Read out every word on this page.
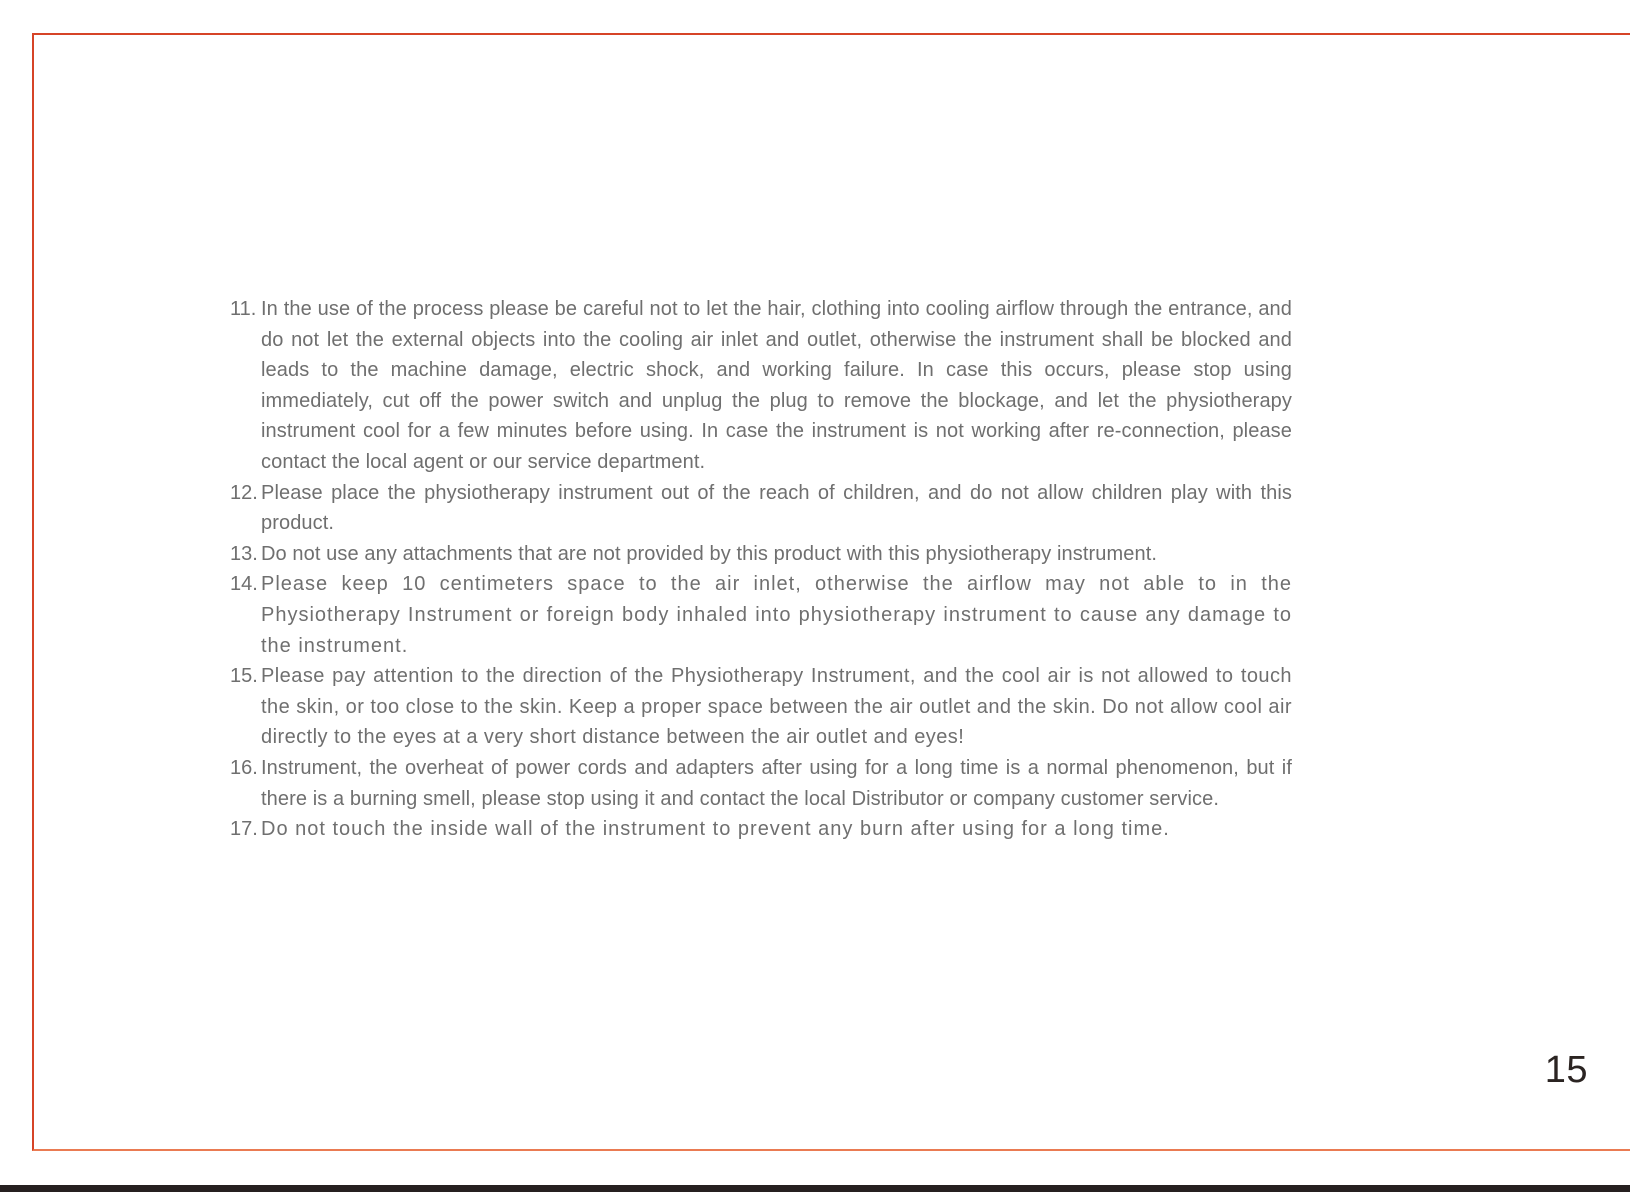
11. In the use of the process please be careful not to let the hair, clothing into cooling airflow through the entrance, and do not let the external objects into the cooling air inlet and outlet, otherwise the instrument shall be blocked and leads to the machine damage, electric shock, and working failure. In case this occurs, please stop using immediately, cut off the power switch and unplug the plug to remove the blockage, and let the physiotherapy instrument cool for a few minutes before using. In case the instrument is not working after re-connection, please contact the local agent or our service department.
12. Please place the physiotherapy instrument out of the reach of children, and do not allow children play with this product.
13. Do not use any attachments that are not provided by this product with this physiotherapy instrument.
14. Please keep 10 centimeters space to the air inlet, otherwise the airflow may not able to in the Physiotherapy Instrument or foreign body inhaled into physiotherapy instrument to cause any damage to the instrument.
15. Please pay attention to the direction of the Physiotherapy Instrument, and the cool air is not allowed to touch the skin, or too close to the skin. Keep a proper space between the air outlet and the skin. Do not allow cool air directly to the eyes at a very short distance between the air outlet and eyes!
16. Instrument, the overheat of power cords and adapters after using for a long time is a normal phenomenon, but if there is a burning smell, please stop using it and contact the local Distributor or company customer service.
17. Do not touch the inside wall of the instrument to prevent any burn after using for a long time.
15
